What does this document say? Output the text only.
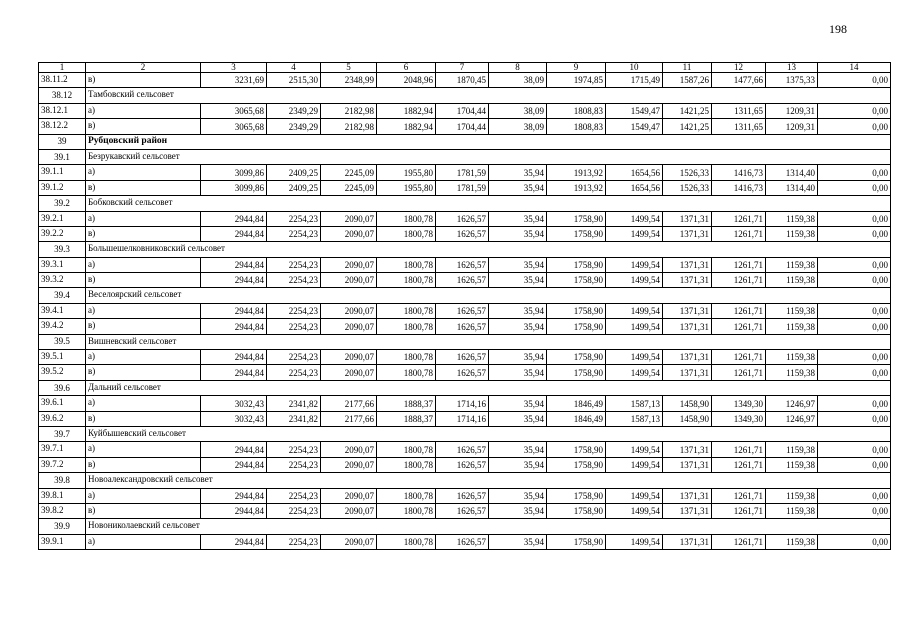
198
1	2	3	4	5	6	7	8	9	10	11	12	13	14
38.11.2	в)	3231,69	2515,30	2348,99	2048,96	1870,45	38,09	1974,85	1715,49	1587,26	1477,66	1375,33	0,00
38.12	Тамбовский сельсовет												
38.12.1	а)	3065,68	2349,29	2182,98	1882,94	1704,44	38,09	1808,83	1549,47	1421,25	1311,65	1209,31	0,00
38.12.2	в)	3065,68	2349,29	2182,98	1882,94	1704,44	38,09	1808,83	1549,47	1421,25	1311,65	1209,31	0,00
39	Рубцовский район												
39.1	Безрукавский сельсовет												
39.1.1	а)	3099,86	2409,25	2245,09	1955,80	1781,59	35,94	1913,92	1654,56	1526,33	1416,73	1314,40	0,00
39.1.2	в)	3099,86	2409,25	2245,09	1955,80	1781,59	35,94	1913,92	1654,56	1526,33	1416,73	1314,40	0,00
39.2	Бобковский сельсовет												
39.2.1	а)	2944,84	2254,23	2090,07	1800,78	1626,57	35,94	1758,90	1499,54	1371,31	1261,71	1159,38	0,00
39.2.2	в)	2944,84	2254,23	2090,07	1800,78	1626,57	35,94	1758,90	1499,54	1371,31	1261,71	1159,38	0,00
39.3	Большешелковниковский сельсовет												
39.3.1	а)	2944,84	2254,23	2090,07	1800,78	1626,57	35,94	1758,90	1499,54	1371,31	1261,71	1159,38	0,00
39.3.2	в)	2944,84	2254,23	2090,07	1800,78	1626,57	35,94	1758,90	1499,54	1371,31	1261,71	1159,38	0,00
39.4	Веселоярский сельсовет												
39.4.1	а)	2944,84	2254,23	2090,07	1800,78	1626,57	35,94	1758,90	1499,54	1371,31	1261,71	1159,38	0,00
39.4.2	в)	2944,84	2254,23	2090,07	1800,78	1626,57	35,94	1758,90	1499,54	1371,31	1261,71	1159,38	0,00
39.5	Вишневский сельсовет												
39.5.1	а)	2944,84	2254,23	2090,07	1800,78	1626,57	35,94	1758,90	1499,54	1371,31	1261,71	1159,38	0,00
39.5.2	в)	2944,84	2254,23	2090,07	1800,78	1626,57	35,94	1758,90	1499,54	1371,31	1261,71	1159,38	0,00
39.6	Дальний сельсовет												
39.6.1	а)	3032,43	2341,82	2177,66	1888,37	1714,16	35,94	1846,49	1587,13	1458,90	1349,30	1246,97	0,00
39.6.2	в)	3032,43	2341,82	2177,66	1888,37	1714,16	35,94	1846,49	1587,13	1458,90	1349,30	1246,97	0,00
39.7	Куйбышевский сельсовет												
39.7.1	а)	2944,84	2254,23	2090,07	1800,78	1626,57	35,94	1758,90	1499,54	1371,31	1261,71	1159,38	0,00
39.7.2	в)	2944,84	2254,23	2090,07	1800,78	1626,57	35,94	1758,90	1499,54	1371,31	1261,71	1159,38	0,00
39.8	Новоалександровский сельсовет												
39.8.1	а)	2944,84	2254,23	2090,07	1800,78	1626,57	35,94	1758,90	1499,54	1371,31	1261,71	1159,38	0,00
39.8.2	в)	2944,84	2254,23	2090,07	1800,78	1626,57	35,94	1758,90	1499,54	1371,31	1261,71	1159,38	0,00
39.9	Новониколаевский сельсовет												
39.9.1	а)	2944,84	2254,23	2090,07	1800,78	1626,57	35,94	1758,90	1499,54	1371,31	1261,71	1159,38	0,00
